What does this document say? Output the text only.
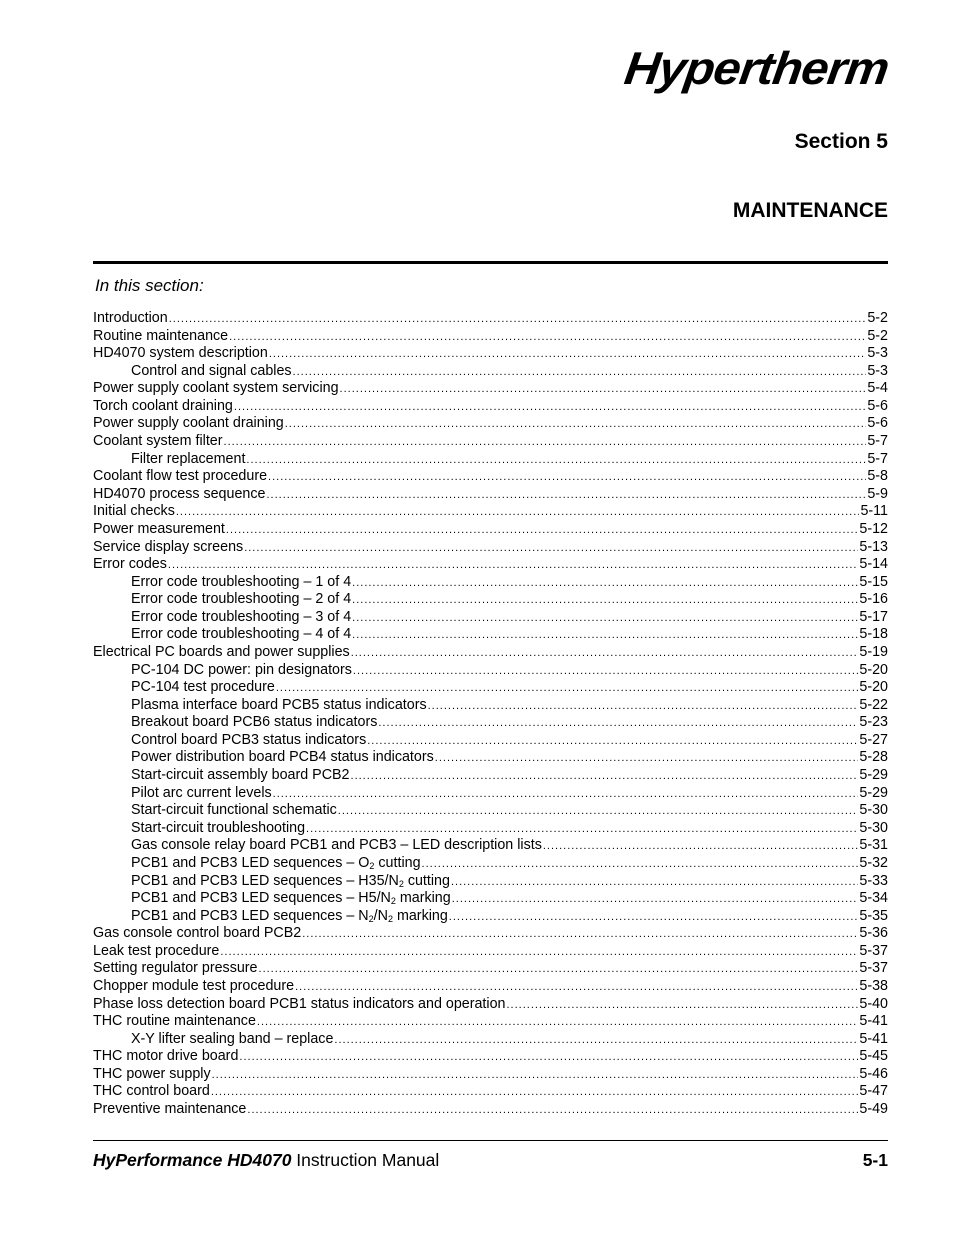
Hypertherm
Section 5
MAINTENANCE
In this section:
Introduction .....	5-2
Routine maintenance .....	5-2
HD4070 system description .....	5-3
Control and signal cables .....	5-3
Power supply coolant system servicing .....	5-4
Torch coolant draining .....	5-6
Power supply coolant draining .....	5-6
Coolant system filter .....	5-7
Filter replacement .....	5-7
Coolant flow test procedure .....	5-8
HD4070 process sequence .....	5-9
Initial checks .....	5-11
Power measurement .....	5-12
Service display screens .....	5-13
Error codes .....	5-14
Error code troubleshooting – 1 of 4 .....	5-15
Error code troubleshooting – 2 of 4 .....	5-16
Error code troubleshooting – 3 of 4 .....	5-17
Error code troubleshooting – 4 of 4 .....	5-18
Electrical PC boards and power supplies .....	5-19
PC-104 DC power: pin designators .....	5-20
PC-104 test procedure .....	5-20
Plasma interface board PCB5 status indicators .....	5-22
Breakout board PCB6 status indicators .....	5-23
Control board PCB3 status indicators .....	5-27
Power distribution board PCB4 status indicators .....	5-28
Start-circuit assembly board PCB2 .....	5-29
Pilot arc current levels .....	5-29
Start-circuit functional schematic .....	5-30
Start-circuit troubleshooting .....	5-30
Gas console relay board PCB1 and PCB3 – LED description lists .....	5-31
PCB1 and PCB3 LED sequences – $O_2$ cutting .....	5-32
PCB1 and PCB3 LED sequences – $H35/N_2$ cutting .....	5-33
PCB1 and PCB3 LED sequences – $H5/N_2$ marking .....	5-34
PCB1 and PCB3 LED sequences – $N_2/N_2$ marking .....	5-35
Gas console control board PCB2 .....	5-36
Leak test procedure .....	5-37
Setting regulator pressure .....	5-37
Chopper module test procedure .....	5-38
Phase loss detection board PCB1 status indicators and operation .....	5-40
THC routine maintenance .....	5-41
X-Y lifter sealing band – replace .....	5-41
THC motor drive board .....	5-45
THC power supply .....	5-46
THC control board .....	5-47
Preventive maintenance .....	5-49
HyPerformance HD4070 Instruction Manual	5-1
